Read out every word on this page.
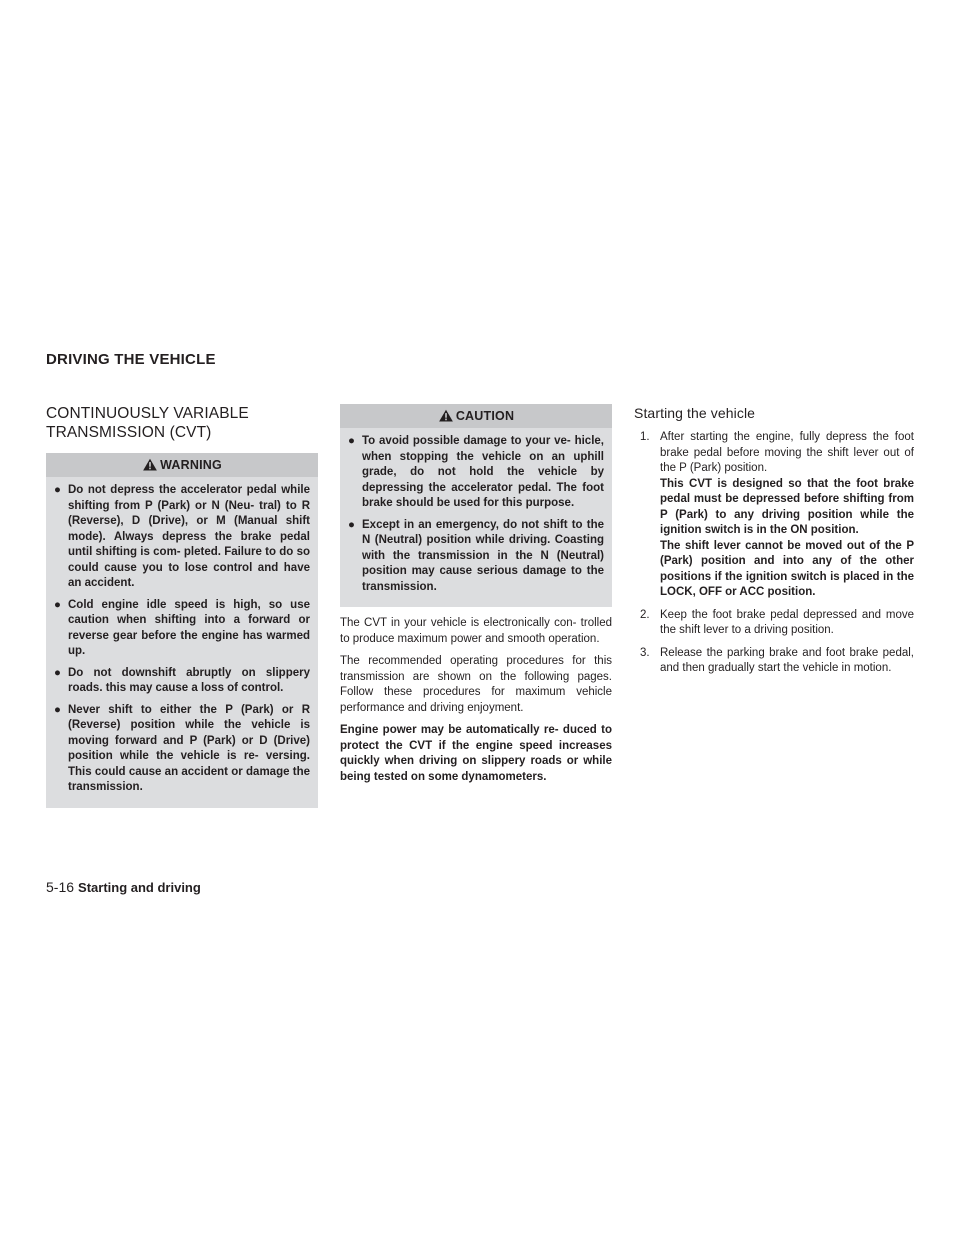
DRIVING THE VEHICLE
CONTINUOUSLY VARIABLE
TRANSMISSION (CVT)
WARNING
● Do not depress the accelerator pedal while shifting from P (Park) or N (Neu- tral) to R (Reverse), D (Drive), or M (Manual shift mode). Always depress the brake pedal until shifting is com- pleted. Failure to do so could cause you to lose control and have an accident.
● Cold engine idle speed is high, so use caution when shifting into a forward or reverse gear before the engine has warmed up.
● Do not downshift abruptly on slippery roads. this may cause a loss of control.
● Never shift to either the P (Park) or R (Reverse) position while the vehicle is moving forward and P (Park) or D (Drive) position while the vehicle is re- versing. This could cause an accident or damage the transmission.
CAUTION
● To avoid possible damage to your ve- hicle, when stopping the vehicle on an uphill grade, do not hold the vehicle by depressing the accelerator pedal. The foot brake should be used for this purpose.
● Except in an emergency, do not shift to the N (Neutral) position while driving. Coasting with the transmission in the N (Neutral) position may cause serious damage to the transmission.

The CVT in your vehicle is electronically con- trolled to produce maximum power and smooth operation.

The recommended operating procedures for this transmission are shown on the following pages. Follow these procedures for maximum vehicle performance and driving enjoyment.

Engine power may be automatically re- duced to protect the CVT if the engine speed increases quickly when driving on slippery roads or while being tested on some dynamometers.

Starting the vehicle
1. After starting the engine, fully depress the foot brake pedal before moving the shift lever out of the P (Park) position.
This CVT is designed so that the foot brake pedal must be depressed before shifting from P (Park) to any driving position while the ignition switch is in the ON position.
The shift lever cannot be moved out of the P (Park) position and into any of the other positions if the ignition switch is placed in the LOCK, OFF or ACC position.
2. Keep the foot brake pedal depressed and move the shift lever to a driving position.
3. Release the parking brake and foot brake pedal, and then gradually start the vehicle in motion.
5-16 Starting and driving
